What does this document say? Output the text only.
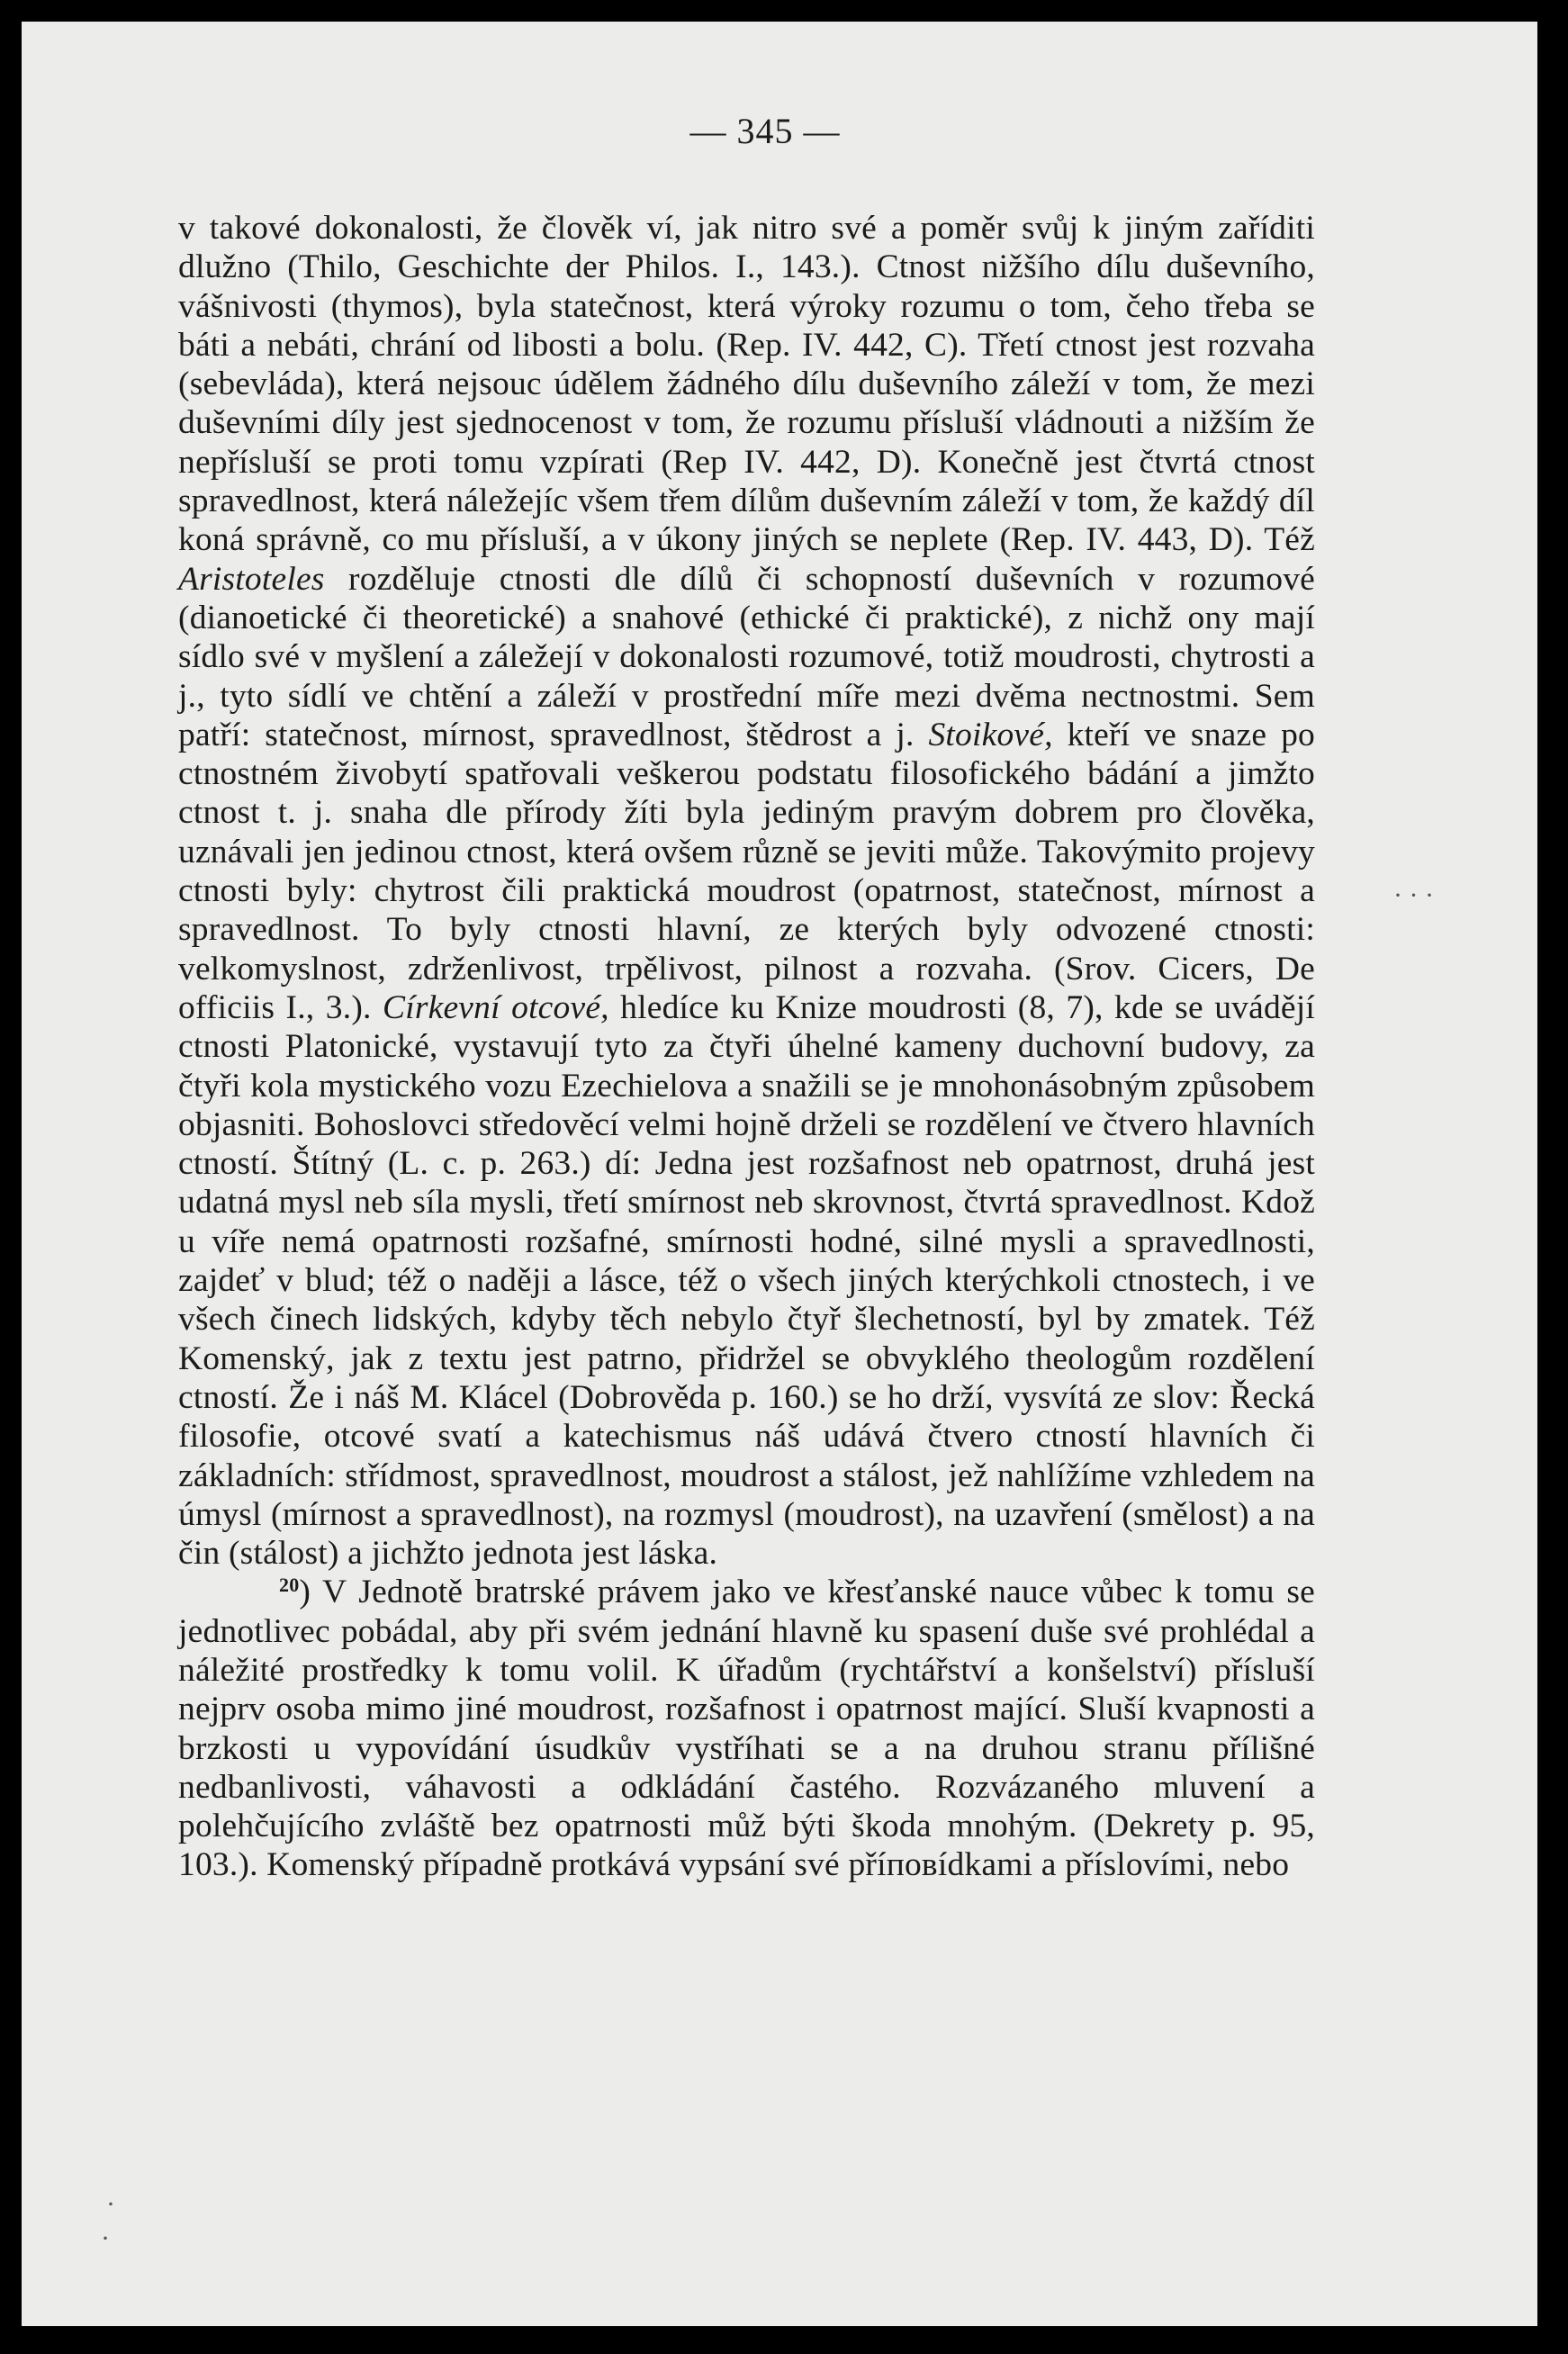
— 345 —

v takové dokonalosti, že člověk ví, jak nitro své a poměr svůj k jiným zaříditi dlužno (Thilo, Geschichte der Philos. I., 143.). Ctnost nižšího dílu duševního, vášnivosti (thymos), byla statečnost, která výroky rozumu o tom, čeho třeba se báti a nebáti, chrání od libosti a bolu. (Rep. IV. 442, C). Třetí ctnost jest rozvaha (sebevláda), která nejsouc údělem žádného dílu duševního záleží v tom, že mezi duševními díly jest sjednocenost v tom, že rozumu přísluší vládnouti a nižším že nepřísluší se proti tomu vzpírati (Rep IV. 442, D). Konečně jest čtvrtá ctnost spravedlnost, která náležejíc všem třem dílům duševním záleží v tom, že každý díl koná správně, co mu přísluší, a v úkony jiných se neplete (Rep. IV. 443, D). Též Aristoteles rozděluje ctnosti dle dílů či schopností duševních v rozumové (dianoetické či theoretické) a snahové (ethické či praktické), z nichž ony mají sídlo své v myšlení a záležejí v dokonalosti rozumové, totiž moudrosti, chytrosti a j., tyto sídlí ve chtění a záleží v prostřední míře mezi dvěma nectnostmi. Sem patří: statečnost, mírnost, spravedlnost, štědrost a j. Stoikové, kteří ve snaze po ctnostném živobytí spatřovali veškerou podstatu filosofického bádání a jimžto ctnost t. j. snaha dle přírody žíti byla jediným pravým dobrem pro člověka, uznávali jen jedinou ctnost, která ovšem různě se jeviti může. Takovýmito projevy ctnosti byly: chytrost čili praktická moudrost (opatrnost, statečnost, mírnost a spravedlnost. To byly ctnosti hlavní, ze kterých byly odvozené ctnosti: velkomyslnost, zdrženlivost, trpělivost, pilnost a rozvaha. (Srov. Cicers, De officiis I., 3.). Církevní otcové, hledíce ku Knize moudrosti (8, 7), kde se uvádějí ctnosti Platonické, vystavují tyto za čtyři úhelné kameny duchovní budovy, za čtyři kola mystického vozu Ezechielova a snažili se je mnohonásobným způsobem objasniti. Bohoslovci středověcí velmi hojně drželi se rozdělení ve čtvero hlavních ctností. Štítný (L. c. p. 263.) dí: Jedna jest rozšafnost neb opatrnost, druhá jest udatná mysl neb síla mysli, třetí smírnost neb skrovnost, čtvrtá spravedlnost. Kdož u víře nemá opatrnosti rozšafné, smírnosti hodné, silné mysli a spravedlnosti, zajdeť v blud; též o naději a lásce, též o všech jiných kterýchkoli ctnostech, i ve všech činech lidských, kdyby těch nebylo čtyř šlechetností, byl by zmatek. Též Komenský, jak z textu jest patrno, přidržel se obvyklého theologům rozdělení ctností. Že i náš M. Klácel (Dobrověda p. 160.) se ho drží, vysvítá ze slov: Řecká filosofie, otcové svatí a katechismus náš udává čtvero ctností hlavních či základních: střídmost, spravedlnost, moudrost a stálost, jež nahlížíme vzhledem na úmysl (mírnost a spravedlnost), na rozmysl (moudrost), na uzavření (smělost) a na čin (stálost) a jichžto jednota jest láska.

$^{20}$) V Jednotě bratrské právem jako ve křesťanské nauce vůbec k tomu se jednotlivec pobádal, aby při svém jednání hlavně ku spasení duše své prohlédal a náležité prostředky k tomu volil. K úřadům (rychtářství a konšelství) přísluší nejprv osoba mimo jiné moudrost, rozšafnost i opatrnost mající. Sluší kvapnosti a brzkosti u vypovídání úsudkův vystříhati se a na druhou stranu přílišné nedbanlivosti, váhavosti a odkládání častého. Rozvázaného mluvení a polehčujícího zvláště bez opatrnosti můž býti škoda mnohým. (Dekrety p. 95, 103.). Komenský případně protkává vypsání své příповídkami a příslovími, nebo

· · ·
·
·
